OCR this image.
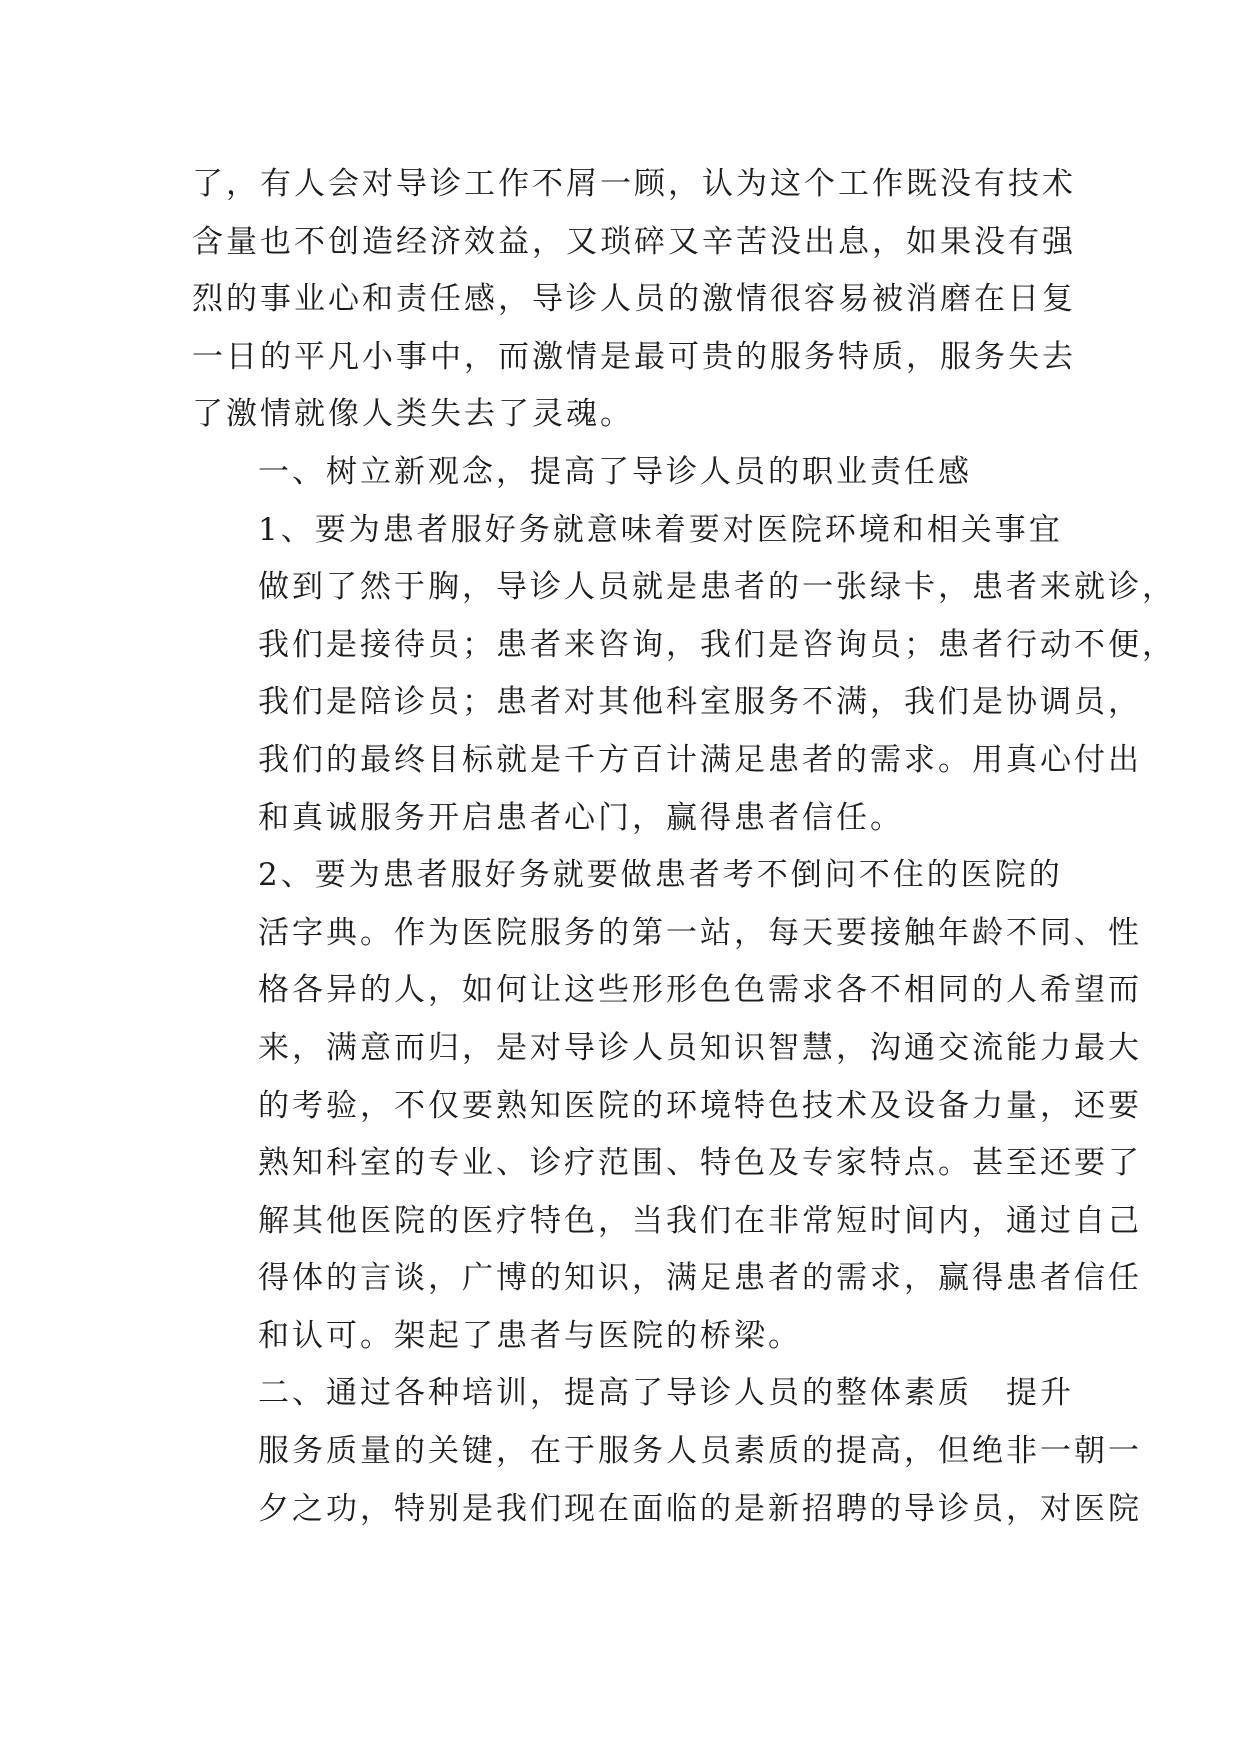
了，有人会对导诊工作不屑一顾，认为这个工作既没有技术
含量也不创造经济效益，又琐碎又辛苦没出息，如果没有强
烈的事业心和责任感，导诊人员的激情很容易被消磨在日复
一日的平凡小事中，而激情是最可贵的服务特质，服务失去
了激情就像人类失去了灵魂。

一、树立新观念，提高了导诊人员的职业责任感

1、要为患者服好务就意味着要对医院环境和相关事宜
做到了然于胸，导诊人员就是患者的一张绿卡，患者来就诊，
我们是接待员；患者来咨询，我们是咨询员；患者行动不便，
我们是陪诊员；患者对其他科室服务不满，我们是协调员，
我们的最终目标就是千方百计满足患者的需求。用真心付出
和真诚服务开启患者心门，赢得患者信任。

2、要为患者服好务就要做患者考不倒问不住的医院的
活字典。作为医院服务的第一站，每天要接触年龄不同、性
格各异的人，如何让这些形形色色需求各不相同的人希望而
来，满意而归，是对导诊人员知识智慧，沟通交流能力最大
的考验，不仅要熟知医院的环境特色技术及设备力量，还要
熟知科室的专业、诊疗范围、特色及专家特点。甚至还要了
解其他医院的医疗特色，当我们在非常短时间内，通过自己
得体的言谈，广博的知识，满足患者的需求，赢得患者信任
和认可。架起了患者与医院的桥梁。

二、通过各种培训，提高了导诊人员的整体素质　提升
服务质量的关键，在于服务人员素质的提高，但绝非一朝一
夕之功，特别是我们现在面临的是新招聘的导诊员，对医院
